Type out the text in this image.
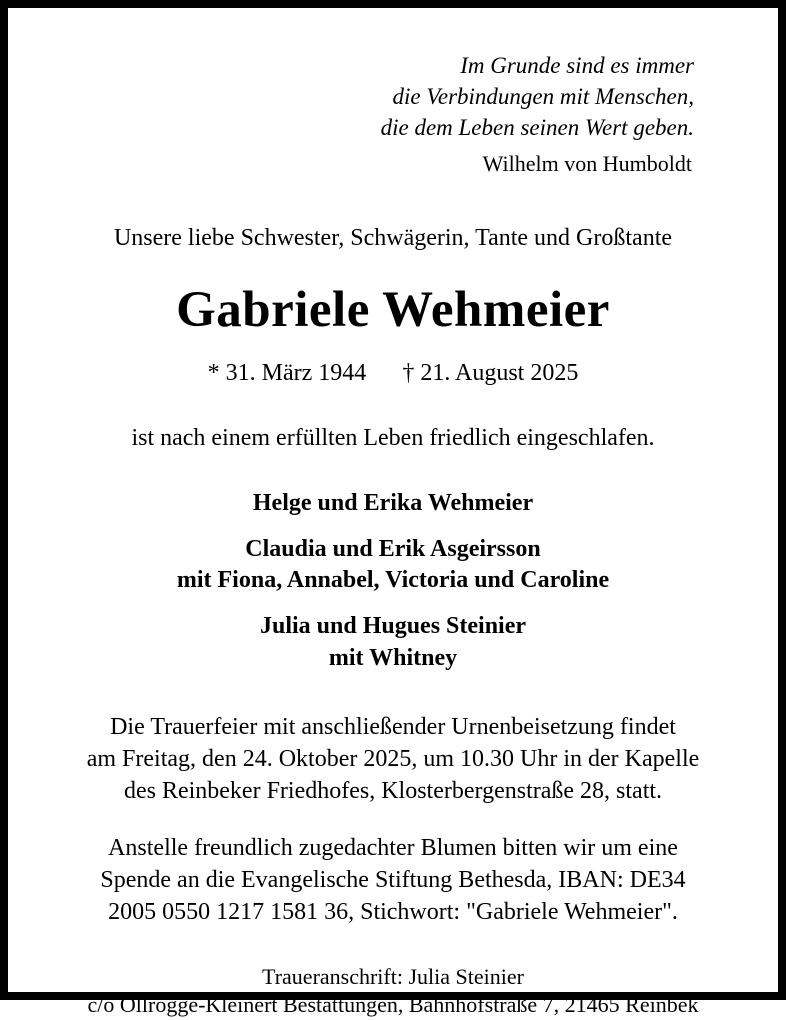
Im Grunde sind es immer
die Verbindungen mit Menschen,
die dem Leben seinen Wert geben.
Wilhelm von Humboldt
Unsere liebe Schwester, Schwägerin, Tante und Großtante
Gabriele Wehmeier
* 31. März 1944 † 21. August 2025
ist nach einem erfüllten Leben friedlich eingeschlafen.
Helge und Erika Wehmeier
Claudia und Erik Asgeirsson
mit Fiona, Annabel, Victoria und Caroline
Julia und Hugues Steinier
mit Whitney
Die Trauerfeier mit anschließender Urnenbeisetzung findet
am Freitag, den 24. Oktober 2025, um 10.30 Uhr in der Kapelle
des Reinbeker Friedhofes, Klosterbergenstraße 28, statt.
Anstelle freundlich zugedachter Blumen bitten wir um eine
Spende an die Evangelische Stiftung Bethesda, IBAN: DE34
2005 0550 1217 1581 36, Stichwort: "Gabriele Wehmeier".
Traueranschrift: Julia Steinier
c/o Ollrogge-Kleinert Bestattungen, Bahnhofstraße 7, 21465 Reinbek
